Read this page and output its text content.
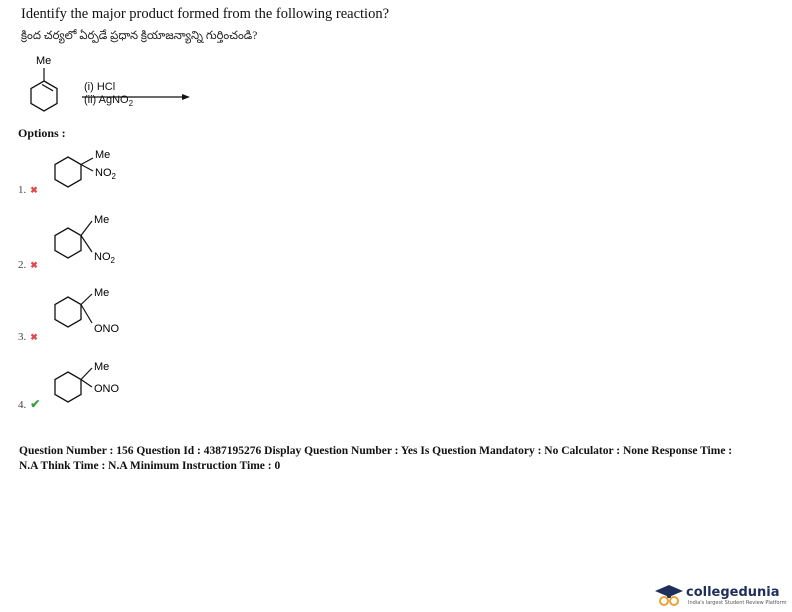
Identify the major product formed from the following reaction?
క్రింద చర్యలో ఏర్పడే ప్రధాన క్రియాజన్యాన్ని గుర్తించండి?
Me
(i) HCl
(ii) AgNO$_2$
Options :
1. ✖
Me
$NO_2$
2. ✖
Me
$NO_2$
3. ✖
Me
ONO
4. ✔
Me
ONO
Question Number : 156 Question Id : 4387195276 Display Question Number : Yes Is Question Mandatory : No Calculator : None Response Time :
N.A Think Time : N.A Minimum Instruction Time : 0
collegedunia
India's largest Student Review Platform
